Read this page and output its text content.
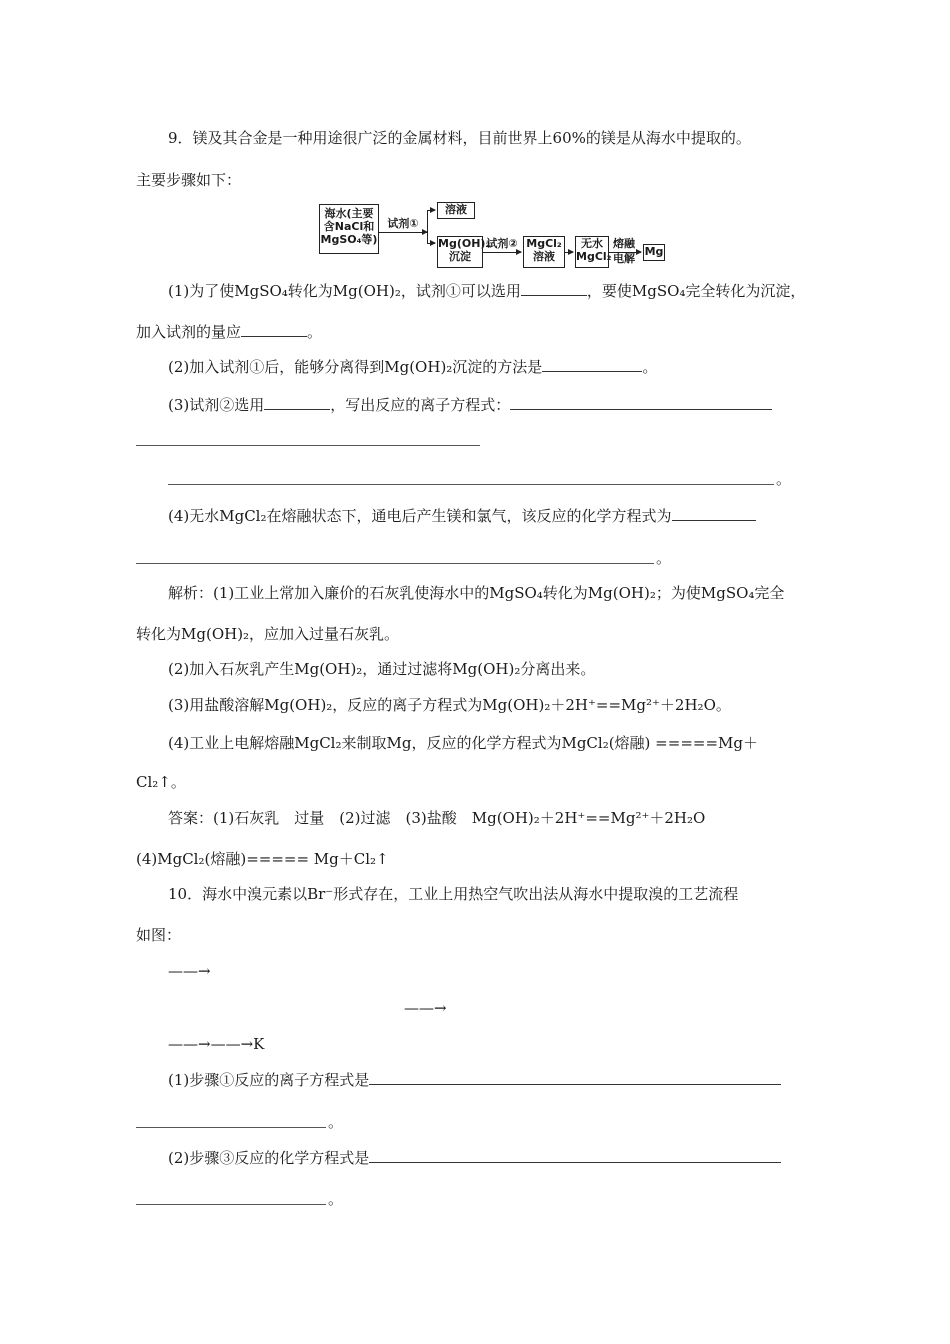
9．镁及其合金是一种用途很广泛的金属材料，目前世界上60%的镁是从海水中提取的。
主要步骤如下：
海水(主要
含NaCl和
MgSO₄等)
试剂①
溶液
Mg(OH)₂
沉淀
试剂② MgCl₂
溶液
无水
MgCl₂
熔融
电解
Mg
(1)为了使MgSO₄转化为Mg(OH)₂，试剂①可以选用	，要使MgSO₄完全转化为沉淀，
加入试剂的量应	。
(2)加入试剂①后，能够分离得到Mg(OH)₂沉淀的方法是	。
(3)试剂②选用	，写出反应的离子方程式：
。
(4)无水MgCl₂在熔融状态下，通电后产生镁和氯气，该反应的化学方程式为
。
解析：(1)工业上常加入廉价的石灰乳使海水中的MgSO₄转化为Mg(OH)₂；为使MgSO₄完全
转化为Mg(OH)₂，应加入过量石灰乳。
(2)加入石灰乳产生Mg(OH)₂，通过过滤将Mg(OH)₂分离出来。
(3)用盐酸溶解Mg(OH)₂，反应的离子方程式为Mg(OH)₂＋2H⁺==Mg²⁺＋2H₂O。
(4)工业上电解熔融MgCl₂来制取Mg，反应的化学方程式为MgCl₂(熔融) =====Mg＋
Cl₂↑。
答案：(1)石灰乳　过量　(2)过滤　(3)盐酸　Mg(OH)₂＋2H⁺==Mg²⁺＋2H₂O
(4)MgCl₂(熔融)===== Mg＋Cl₂↑
10．海水中溴元素以Br⁻形式存在，工业上用热空气吹出法从海水中提取溴的工艺流程
如图：
——→
——→
——→——→K
(1)步骤①反应的离子方程式是
。
(2)步骤③反应的化学方程式是
。
